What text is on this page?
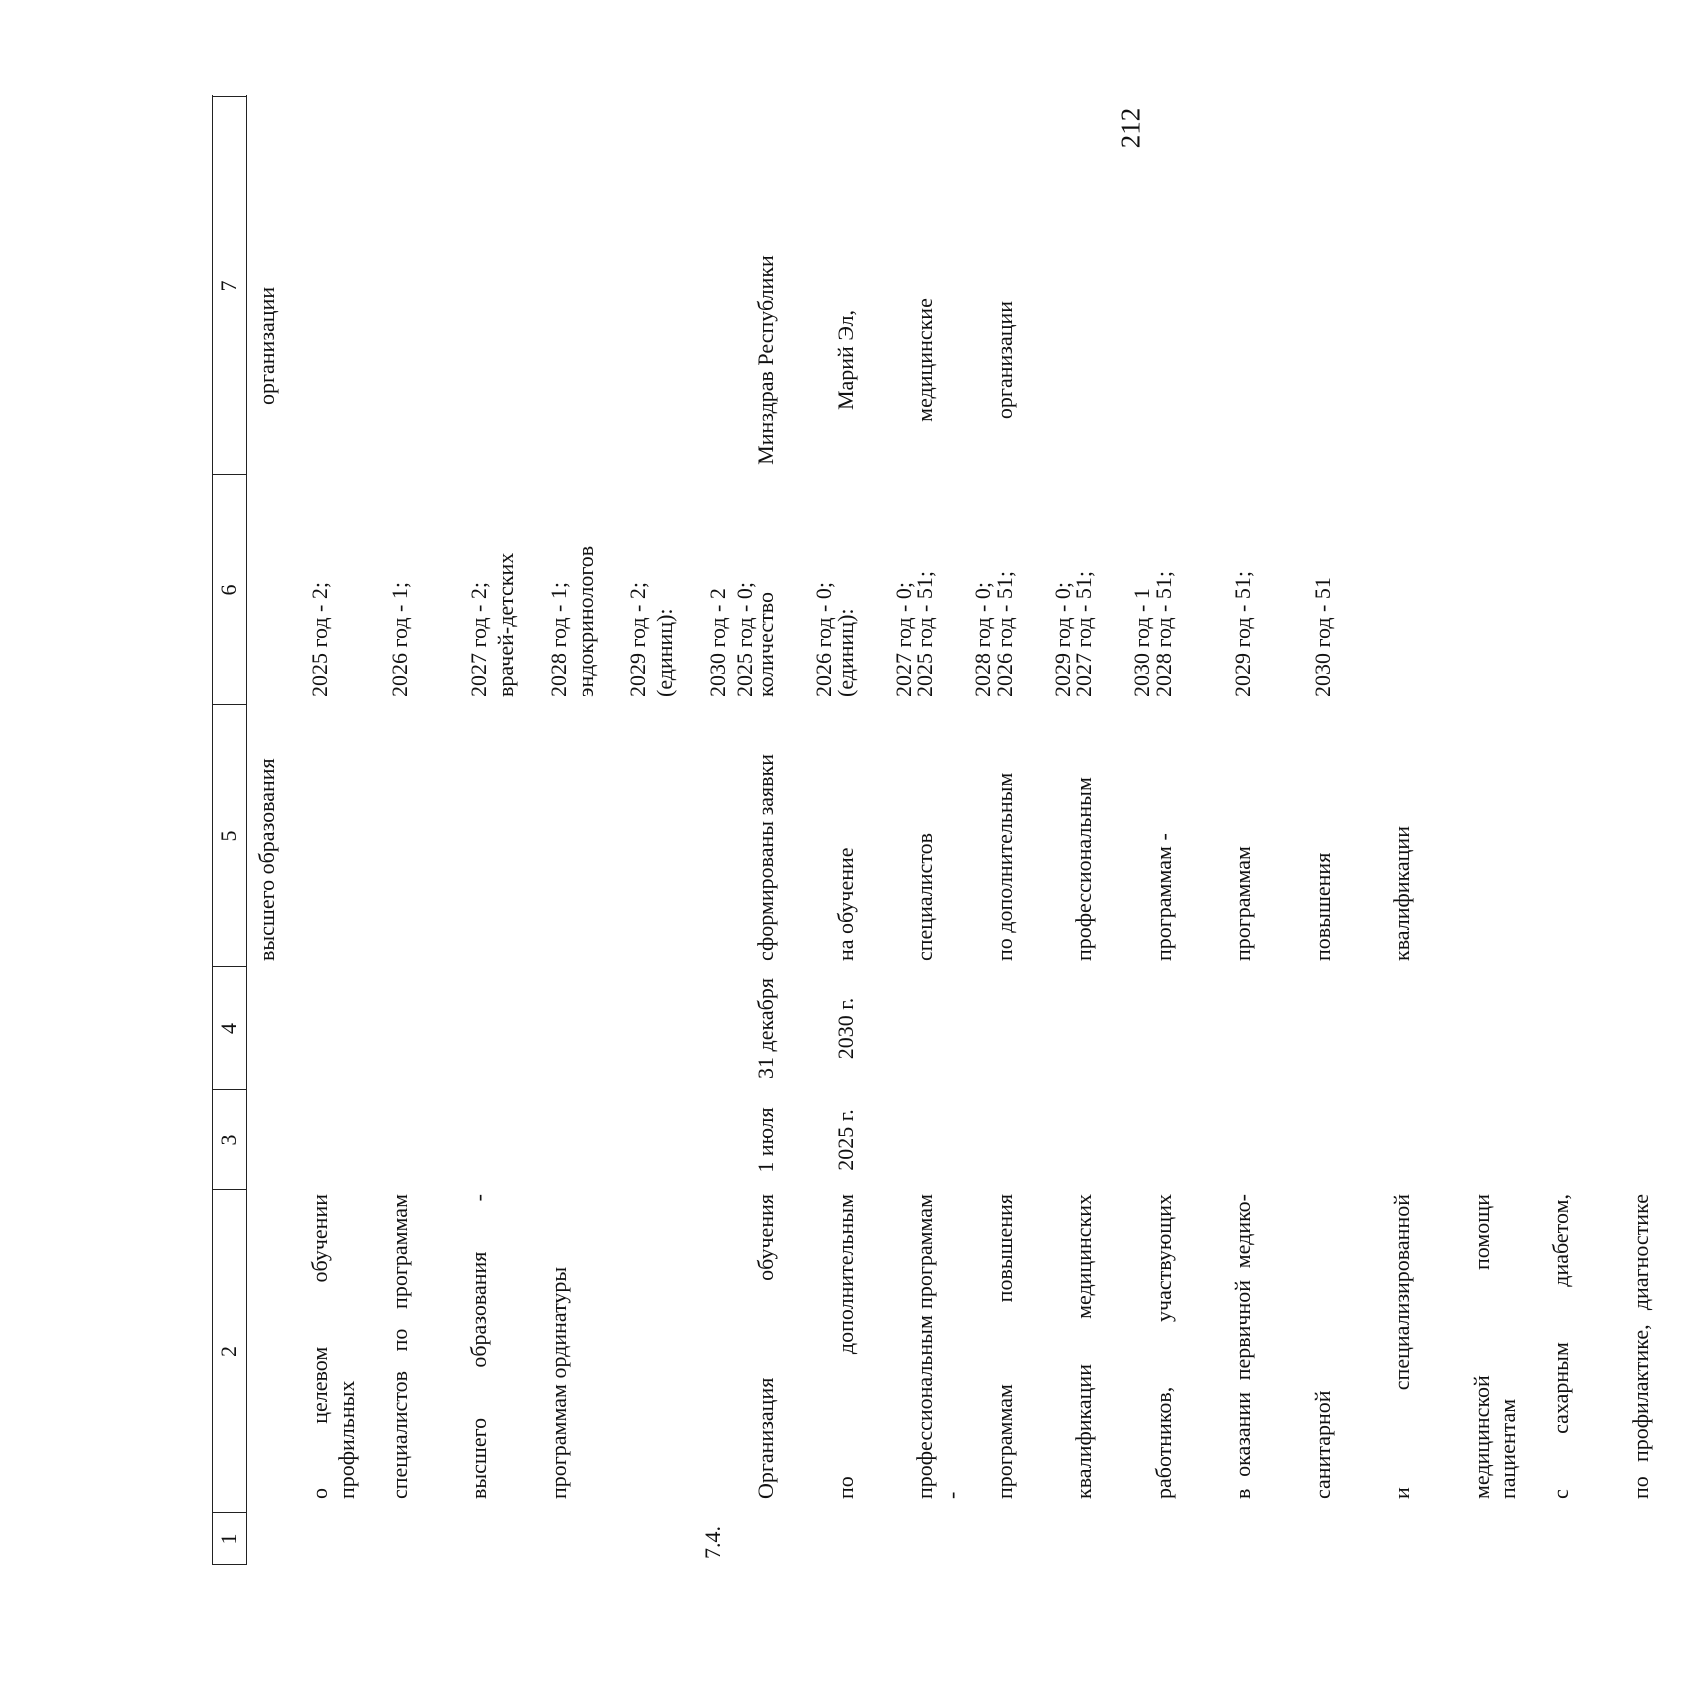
212
1
2
3
4
5
6
7

о целевом обучении профильных

специалистов по программам

высшего образования -

программам ординатуры

высшего образования

2025 год - 2;

2026 год - 1;

2027 год - 2;

2028 год - 1;

2029 год - 2;

2030 год - 2

врачей-детских

эндокринологов

(единиц):

2025 год - 0;

2026 год - 0;

2027 год - 0;

2028 год - 0;

2029 год - 0;

2030 год - 1

организации
7.4.

Организация обучения

по дополнительным

профессиональным программам -

программам повышения

квалификации медицинских

работников, участвующих

в оказании первичной медико-

санитарной

и специализированной

медицинской помощи пациентам

с сахарным диабетом,

по профилактике, диагностике

1 июля

2025 г.

31 декабря

2030 г.

сформированы заявки

на обучение

специалистов

по дополнительным

профессиональным

программам -

программам

повышения

квалификации

количество

(единиц):

2025 год - 51;

2026 год - 51;

2027 год - 51;

2028 год - 51;

2029 год - 51;

2030 год - 51

Минздрав Республики

Марий Эл,

медицинские

организации
